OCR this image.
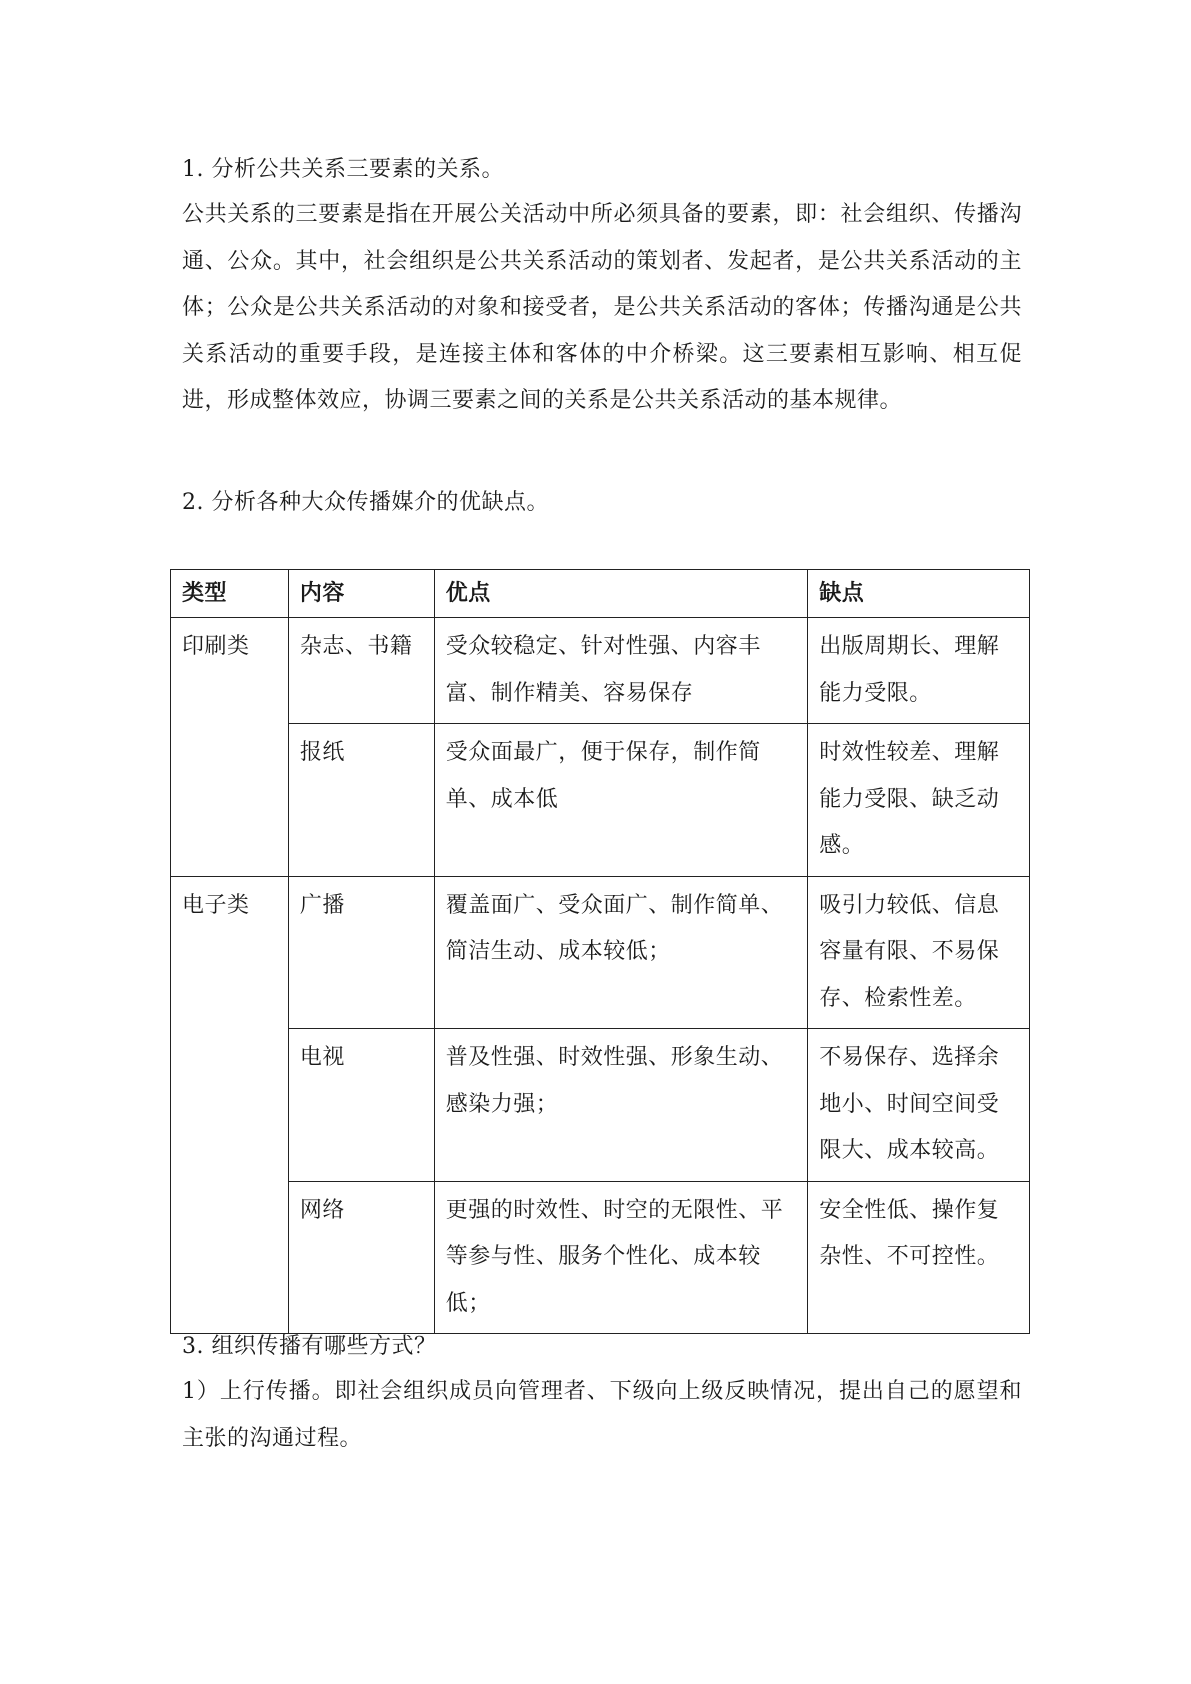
1. 分析公共关系三要素的关系。
公共关系的三要素是指在开展公关活动中所必须具备的要素，即：社会组织、传播沟通、公众。其中，社会组织是公共关系活动的策划者、发起者，是公共关系活动的主体；公众是公共关系活动的对象和接受者，是公共关系活动的客体；传播沟通是公共关系活动的重要手段，是连接主体和客体的中介桥梁。这三要素相互影响、相互促进，形成整体效应，协调三要素之间的关系是公共关系活动的基本规律。
2. 分析各种大众传播媒介的优缺点。
类型	内容	优点	缺点
印刷类	杂志、书籍	受众较稳定、针对性强、内容丰富、制作精美、容易保存	出版周期长、理解能力受限。
	报纸	受众面最广，便于保存，制作简单、成本低	时效性较差、理解能力受限、缺乏动感。
电子类	广播	覆盖面广、受众面广、制作简单、简洁生动、成本较低；	吸引力较低、信息容量有限、不易保存、检索性差。
	电视	普及性强、时效性强、形象生动、感染力强；	不易保存、选择余地小、时间空间受限大、成本较高。
	网络	更强的时效性、时空的无限性、平等参与性、服务个性化、成本较低；	安全性低、操作复杂性、不可控性。
3. 组织传播有哪些方式？
1）上行传播。即社会组织成员向管理者、下级向上级反映情况，提出自己的愿望和主张的沟通过程。
